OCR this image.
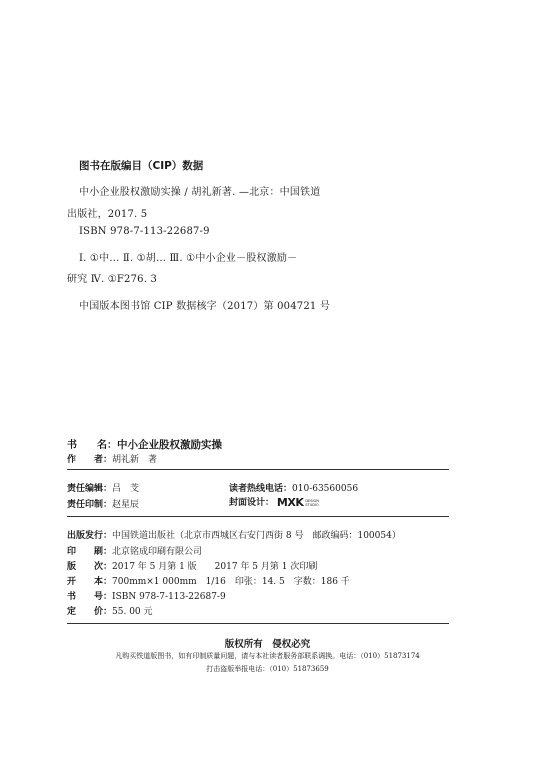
图书在版编目（CIP）数据
中小企业股权激励实操 / 胡礼新著. —北京：中国铁道
出版社，2017. 5
ISBN 978-7-113-22687-9
Ⅰ. ①中… Ⅱ. ①胡… Ⅲ. ①中小企业－股权激励－
研究 Ⅳ. ①F276. 3
中国版本图书馆 CIP 数据核字（2017）第 004721 号
书　　名：中小企业股权激励实操
作　　者：胡礼新　著
责任编辑：吕　芠	读者热线电话：010-63560056
责任印制：赵星辰	封面设计： MXK DESIGN
STUDIO
出版发行：中国铁道出版社（北京市西城区右安门西街 8 号　邮政编码：100054）
印　　刷：北京铭成印刷有限公司
版　　次：2017 年 5 月第 1 版　　2017 年 5 月第 1 次印刷
开　　本：700mm×1 000mm　1/16　印张：14. 5　字数：186 千
书　　号：ISBN 978-7-113-22687-9
定　　价：55. 00 元
版权所有　侵权必究
凡购买铁道版图书，如有印制质量问题，请与本社读者服务部联系调换。电话：（010）51873174
打击盗版举报电话：（010）51873659
